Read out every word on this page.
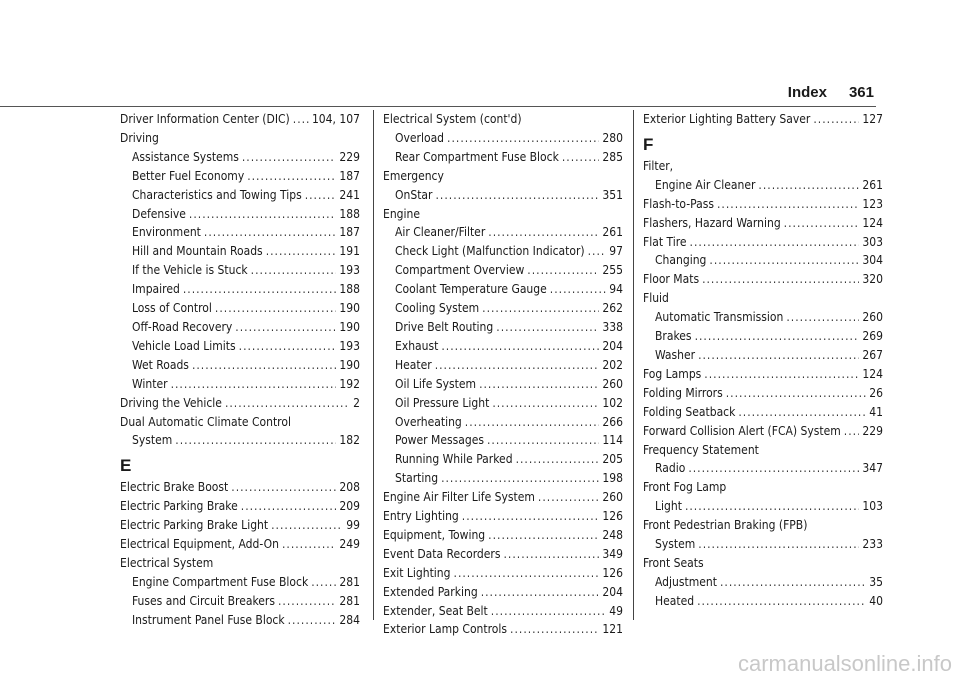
Index 361
Driver Information Center (DIC) ..... 104, 107
Driving
Assistance Systems .....	229
Better Fuel Economy .....	187
Characteristics and Towing Tips .....	241
Defensive .....	188
Environment .....	187
Hill and Mountain Roads .....	191
If the Vehicle is Stuck .....	193
Impaired .....	188
Loss of Control .....	190
Off-Road Recovery .....	190
Vehicle Load Limits .....	193
Wet Roads .....	190
Winter .....	192
Driving the Vehicle .....	2
Dual Automatic Climate Control
System .....	182
E
Electric Brake Boost .....	208
Electric Parking Brake .....	209
Electric Parking Brake Light .....	99
Electrical Equipment, Add-On .....	249
Electrical System
Engine Compartment Fuse Block .....	281
Fuses and Circuit Breakers .....	281
Instrument Panel Fuse Block .....	284
Electrical System (cont'd)
Overload .....	280
Rear Compartment Fuse Block .....	285
Emergency
OnStar .....	351
Engine
Air Cleaner/Filter .....	261
Check Light (Malfunction Indicator) ..... 97
Compartment Overview .....	255
Coolant Temperature Gauge .....	94
Cooling System .....	262
Drive Belt Routing .....	338
Exhaust .....	204
Heater .....	202
Oil Life System .....	260
Oil Pressure Light .....	102
Overheating .....	266
Power Messages .....	114
Running While Parked .....	205
Starting .....	198
Engine Air Filter Life System .....	260
Entry Lighting .....	126
Equipment, Towing .....	248
Event Data Recorders .....	349
Exit Lighting .....	126
Extended Parking .....	204
Extender, Seat Belt .....	49
Exterior Lamp Controls .....	121
Exterior Lighting Battery Saver .....	127
F
Filter,
Engine Air Cleaner .....	261
Flash-to-Pass .....	123
Flashers, Hazard Warning .....	124
Flat Tire .....	303
Changing .....	304
Floor Mats .....	320
Fluid
Automatic Transmission .....	260
Brakes .....	269
Washer .....	267
Fog Lamps .....	124
Folding Mirrors .....	26
Folding Seatback .....	41
Forward Collision Alert (FCA) System ..... 229
Frequency Statement
Radio .....	347
Front Fog Lamp
Light .....	103
Front Pedestrian Braking (FPB)
System .....	233
Front Seats
Adjustment .....	35
Heated .....	40
carmanualsonline.info
